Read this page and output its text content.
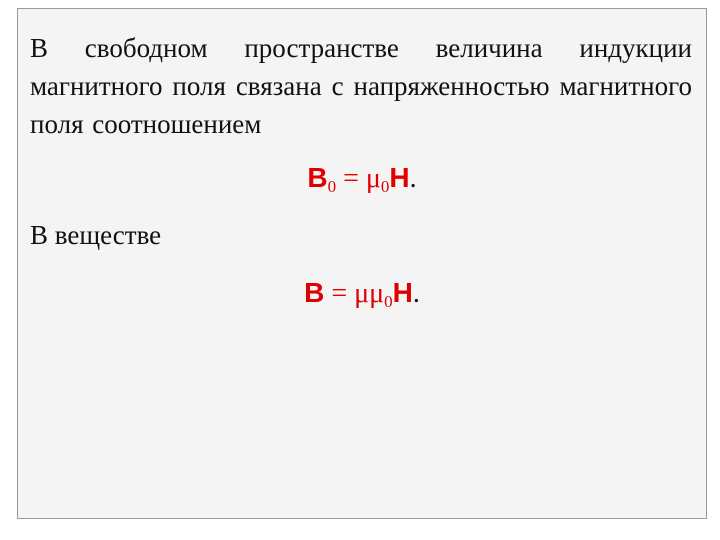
В свободном пространстве величина индукции магнитного поля связана с напряженностью магнитного поля соотношением
$B_0 = \mu_0H$.
В веществе
$B = \mu\mu_0H$.
